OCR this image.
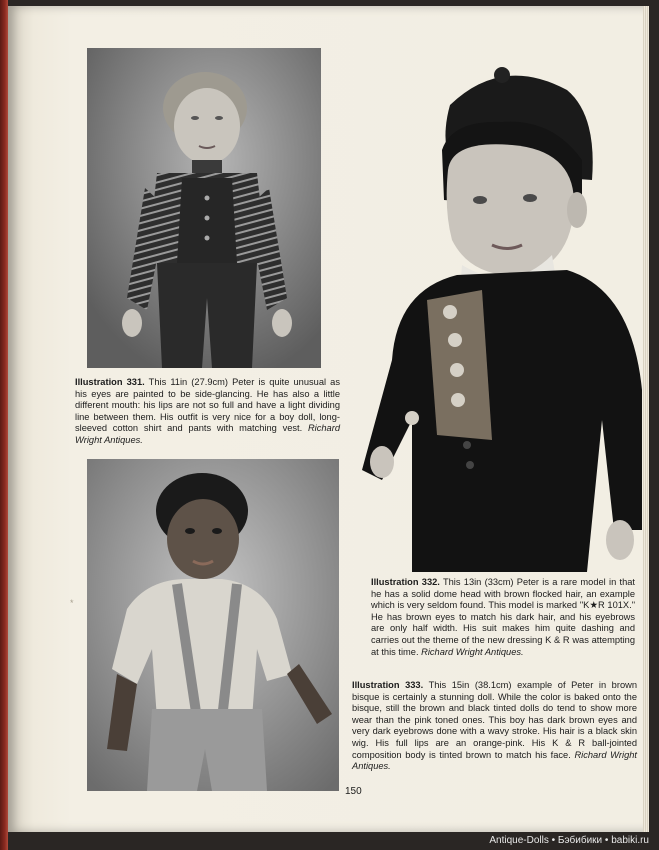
Illustration 331. This 11in (27.9cm) Peter is quite unusual as his eyes are painted to be side-glancing. He has also a little different mouth: his lips are not so full and have a light dividing line between them. His outfit is very nice for a boy doll, long-sleeved cotton shirt and pants with matching vest. Richard Wright Antiques.
Illustration 332. This 13in (33cm) Peter is a rare model in that he has a solid dome head with brown flocked hair, an example which is very seldom found. This model is marked "K★R 101X." He has brown eyes to match his dark hair, and his eyebrows are only half width. His suit makes him quite dashing and carries out the theme of the new dressing K & R was attempting at this time. Richard Wright Antiques.
Illustration 333. This 15in (38.1cm) example of Peter in brown bisque is certainly a stunning doll. While the color is baked onto the bisque, still the brown and black tinted dolls do tend to show more wear than the pink toned ones. This boy has dark brown eyes and very dark eyebrows done with a wavy stroke. His hair is a black skin wig. His full lips are an orange-pink. His K & R ball-jointed composition body is tinted brown to match his face. Richard Wright Antiques.
150
*
Antique-Dolls • Бэбибики • babiki.ru
